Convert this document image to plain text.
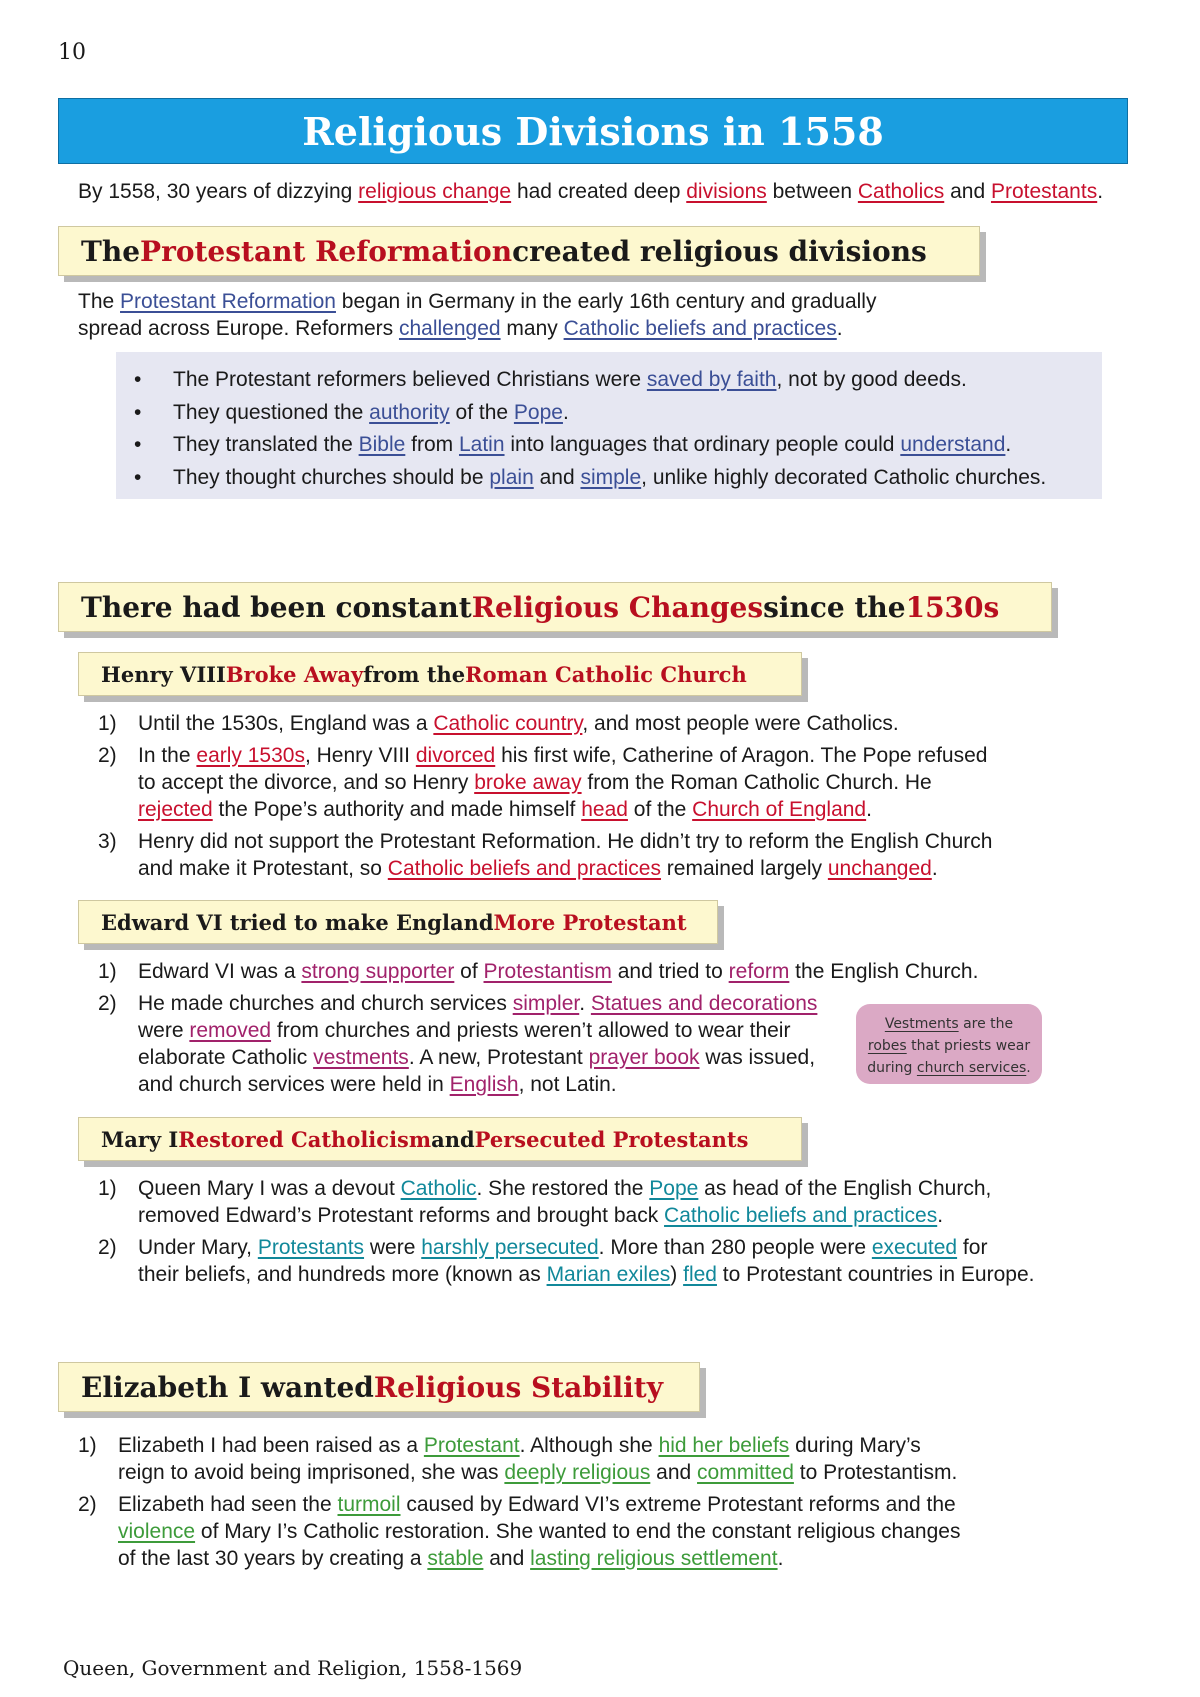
10
Religious Divisions in 1558
By 1558, 30 years of dizzying religious change had created deep divisions between Catholics and Protestants.
The Protestant Reformation created religious divisions
The Protestant Reformation began in Germany in the early 16th century and gradually
spread across Europe. Reformers challenged many Catholic beliefs and practices.
• The Protestant reformers believed Christians were saved by faith, not by good deeds.
• They questioned the authority of the Pope.
• They translated the Bible from Latin into languages that ordinary people could understand.
• They thought churches should be plain and simple, unlike highly decorated Catholic churches.
There had been constant Religious Changes since the 1530s
Henry VIII Broke Away from the Roman Catholic Church
1) Until the 1530s, England was a Catholic country, and most people were Catholics.
2) In the early 1530s, Henry VIII divorced his first wife, Catherine of Aragon. The Pope refused
to accept the divorce, and so Henry broke away from the Roman Catholic Church. He
rejected the Pope’s authority and made himself head of the Church of England.
3) Henry did not support the Protestant Reformation. He didn’t try to reform the English Church
and make it Protestant, so Catholic beliefs and practices remained largely unchanged.
Edward VI tried to make England More Protestant
1) Edward VI was a strong supporter of Protestantism and tried to reform the English Church.
2) He made churches and church services simpler. Statues and decorations
were removed from churches and priests weren’t allowed to wear their
elaborate Catholic vestments. A new, Protestant prayer book was issued,
and church services were held in English, not Latin.
Vestments are the
robes that priests wear
during church services.
Mary I Restored Catholicism and Persecuted Protestants
1) Queen Mary I was a devout Catholic. She restored the Pope as head of the English Church,
removed Edward’s Protestant reforms and brought back Catholic beliefs and practices.
2) Under Mary, Protestants were harshly persecuted. More than 280 people were executed for
their beliefs, and hundreds more (known as Marian exiles) fled to Protestant countries in Europe.
Elizabeth I wanted Religious Stability
1) Elizabeth I had been raised as a Protestant. Although she hid her beliefs during Mary’s
reign to avoid being imprisoned, she was deeply religious and committed to Protestantism.
2) Elizabeth had seen the turmoil caused by Edward VI’s extreme Protestant reforms and the
violence of Mary I’s Catholic restoration. She wanted to end the constant religious changes
of the last 30 years by creating a stable and lasting religious settlement.
Queen, Government and Religion, 1558-1569
